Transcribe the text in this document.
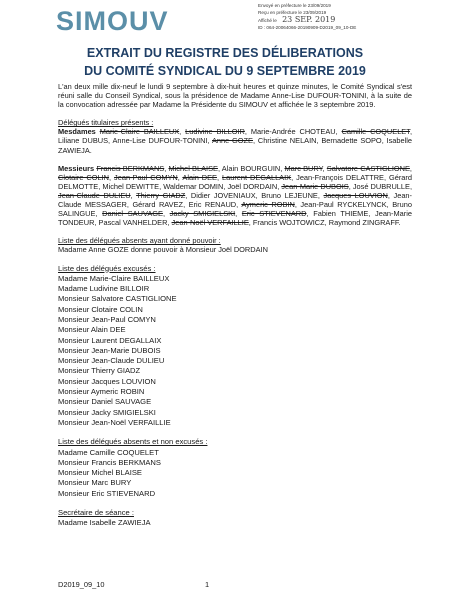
SIMOUV
Envoyé en préfecture le 23/09/2019
Reçu en préfecture le 23/09/2019
Affiché le 23 SEP. 2019
ID : 064-20064066-20190909-D2019_09_10-DE
EXTRAIT DU REGISTRE DES DÉLIBERATIONS
DU COMITÉ SYNDICAL DU 9 SEPTEMBRE 2019

L'an deux mille dix-neuf le lundi 9 septembre à dix-huit heures et quinze minutes, le Comité Syndical s'est réuni salle du Conseil Syndical, sous la présidence de Madame Anne-Lise DUFOUR-TONINI, à la suite de la convocation adressée par Madame la Présidente du SIMOUV et affichée le 3 septembre 2019.

Délégués titulaires présents :

Mesdames Marie-Claire BAILLEUX, Ludivine BILLOIR, Marie-Andrée CHOTEAU, Camille COQUELET, Liliane DUBUS, Anne-Lise DUFOUR-TONINI, Anne GOZE, Christine NELAIN, Bernadette SOPO, Isabelle ZAWIEJA.

Messieurs Francis BERKMANS, Michel BLAISE, Alain BOURGUIN, Marc BURY, Salvatore CASTIGLIONE, Clotaire COLIN, Jean-Paul COMYN, Alain DEE, Laurent DEGALLAIX, Jean-François DELATTRE, Gérard DELMOTTE, Michel DEWITTE, Waldemar DOMIN, Joël DORDAIN, Jean-Marie DUBOIS, José DUBRULLE, Jean-Claude DULIEU, Thierry GIADZ, Didier JOVENIAUX, Bruno LEJEUNE, Jacques LOUVION, Jean-Claude MESSAGER, Gérard RAVEZ, Eric RENAUD, Aymeric ROBIN, Jean-Paul RYCKELYNCK, Bruno SALINGUE, Daniel SAUVAGE, Jacky SMIGIELSKI, Eric STIEVENARD, Fabien THIEME, Jean-Marie TONDEUR, Pascal VANHELDER, Jean-Noël VERFAILLIE, Francis WOJTOWICZ, Raymond ZINGRAFF.

Liste des délégués absents ayant donné pouvoir :
Madame Anne GOZE donne pouvoir à Monsieur Joël DORDAIN
Liste des délégués excusés :
Madame Marie-Claire BAILLEUX
Madame Ludivine BILLOIR
Monsieur Salvatore CASTIGLIONE
Monsieur Clotaire COLIN
Monsieur Jean-Paul COMYN
Monsieur Alain DEE
Monsieur Laurent DEGALLAIX
Monsieur Jean-Marie DUBOIS
Monsieur Jean-Claude DULIEU
Monsieur Thierry GIADZ
Monsieur Jacques LOUVION
Monsieur Aymeric ROBIN
Monsieur Daniel SAUVAGE
Monsieur Jacky SMIGIELSKI
Monsieur Jean-Noël VERFAILLIE
Liste des délégués absents et non excusés :
Madame Camille COQUELET
Monsieur Francis BERKMANS
Monsieur Michel BLAISE
Monsieur Marc BURY
Monsieur Eric STIEVENARD
Secrétaire de séance :
Madame Isabelle ZAWIEJA
D2019_09_10	1
